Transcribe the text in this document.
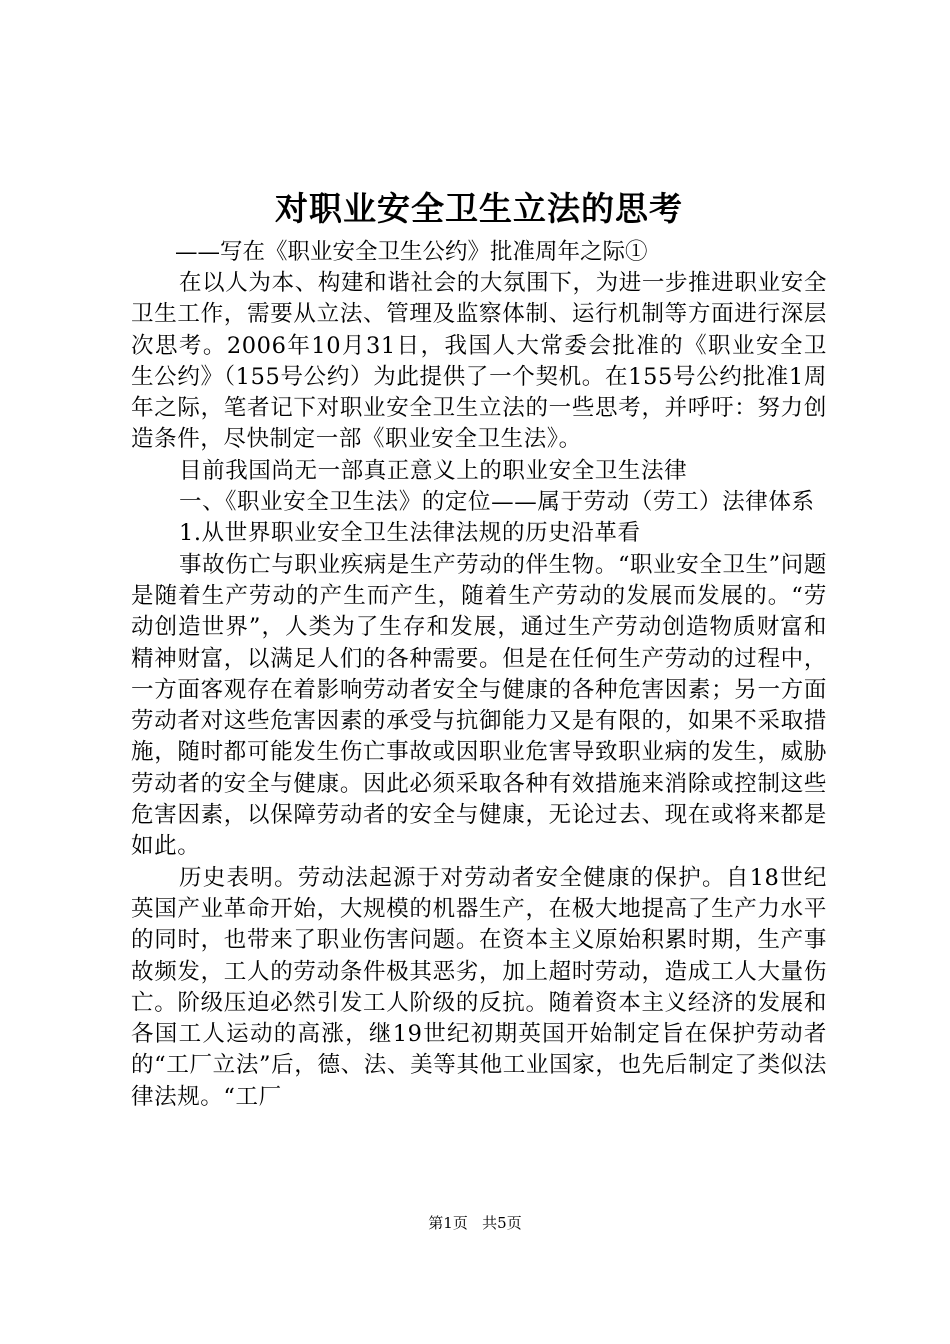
对职业安全卫生立法的思考

——写在《职业安全卫生公约》批准周年之际①

在以人为本、构建和谐社会的大氛围下，为进一步推进职业安全卫生工作，需要从立法、管理及监察体制、运行机制等方面进行深层次思考。2006年10月31日，我国人大常委会批准的《职业安全卫生公约》（155号公约）为此提供了一个契机。在155号公约批准1周年之际，笔者记下对职业安全卫生立法的一些思考，并呼吁：努力创造条件，尽快制定一部《职业安全卫生法》。

目前我国尚无一部真正意义上的职业安全卫生法律

一、《职业安全卫生法》的定位——属于劳动（劳工）法律体系

1.从世界职业安全卫生法律法规的历史沿革看

事故伤亡与职业疾病是生产劳动的伴生物。“职业安全卫生”问题是随着生产劳动的产生而产生，随着生产劳动的发展而发展的。“劳动创造世界”，人类为了生存和发展，通过生产劳动创造物质财富和精神财富，以满足人们的各种需要。但是在任何生产劳动的过程中，一方面客观存在着影响劳动者安全与健康的各种危害因素；另一方面劳动者对这些危害因素的承受与抗御能力又是有限的，如果不采取措施，随时都可能发生伤亡事故或因职业危害导致职业病的发生，威胁劳动者的安全与健康。因此必须采取各种有效措施来消除或控制这些危害因素，以保障劳动者的安全与健康，无论过去、现在或将来都是如此。

历史表明。劳动法起源于对劳动者安全健康的保护。自18世纪英国产业革命开始，大规模的机器生产，在极大地提高了生产力水平的同时，也带来了职业伤害问题。在资本主义原始积累时期，生产事故频发，工人的劳动条件极其恶劣，加上超时劳动，造成工人大量伤亡。阶级压迫必然引发工人阶级的反抗。随着资本主义经济的发展和各国工人运动的高涨，继19世纪初期英国开始制定旨在保护劳动者的“工厂立法”后，德、法、美等其他工业国家，也先后制定了类似法律法规。“工厂

第1页 共5页
